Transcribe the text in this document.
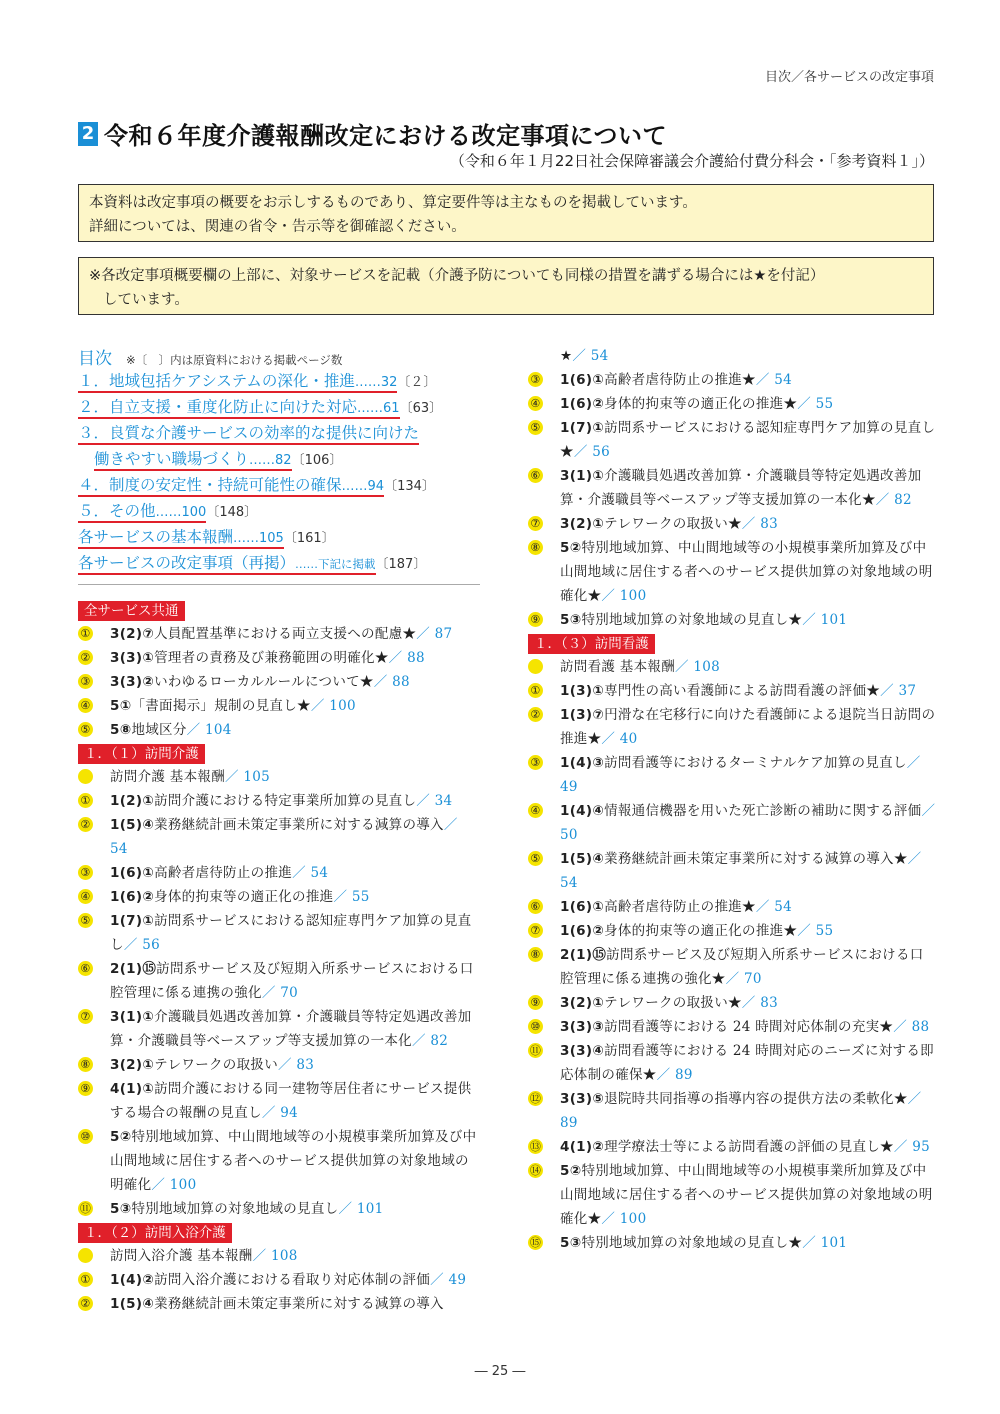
目次／各サービスの改定事項
2 令和６年度介護報酬改定における改定事項について
（令和６年１月22日社会保障審議会介護給付費分科会・「参考資料１」）
本資料は改定事項の概要をお示しするものであり、算定要件等は主なものを掲載しています。
詳細については、関連の省令・告示等を御確認ください。
※各改定事項概要欄の上部に、対象サービスを記載（介護予防についても同様の措置を講ずる場合には★を付記）
しています。
目次 ※〔　〕内は原資料における掲載ページ数
１．地域包括ケアシステムの深化・推進……32〔２〕
２．自立支援・重度化防止に向けた対応……61〔63〕
３．良質な介護サービスの効率的な提供に向けた
働きやすい職場づくり……82〔106〕
４．制度の安定性・持続可能性の確保……94〔134〕
５．その他……100〔148〕
各サービスの基本報酬……105〔161〕
各サービスの改定事項（再掲）……下記に掲載〔187〕
全サービス共通
① 3(2)⑦人員配置基準における両立支援への配慮★／ 87
② 3(3)①管理者の責務及び兼務範囲の明確化★／ 88
③ 3(3)②いわゆるローカルルールについて★／ 88
④ 5①「書面掲示」規制の見直し★／ 100
⑤ 5⑧地域区分／ 104
１．（１）訪問介護
訪問介護 基本報酬／ 105
① 1(2)①訪問介護における特定事業所加算の見直し／ 34
② 1(5)④業務継続計画未策定事業所に対する減算の導入／ 54
③ 1(6)①高齢者虐待防止の推進／ 54
④ 1(6)②身体的拘束等の適正化の推進／ 55
⑤ 1(7)①訪問系サービスにおける認知症専門ケア加算の見直し／ 56
⑥ 2(1)⑮訪問系サービス及び短期入所系サービスにおける口腔管理に係る連携の強化／ 70
⑦ 3(1)①介護職員処遇改善加算・介護職員等特定処遇改善加算・介護職員等ベースアップ等支援加算の一本化／ 82
⑧ 3(2)①テレワークの取扱い／ 83
⑨ 4(1)①訪問介護における同一建物等居住者にサービス提供する場合の報酬の見直し／ 94
⑩ 5②特別地域加算、中山間地域等の小規模事業所加算及び中山間地域に居住する者へのサービス提供加算の対象地域の明確化／ 100
⑪ 5③特別地域加算の対象地域の見直し／ 101
１．（２）訪問入浴介護
訪問入浴介護 基本報酬／ 108
① 1(4)②訪問入浴介護における看取り対応体制の評価／ 49
② 1(5)④業務継続計画未策定事業所に対する減算の導入
★／ 54
③ 1(6)①高齢者虐待防止の推進★／ 54
④ 1(6)②身体的拘束等の適正化の推進★／ 55
⑤ 1(7)①訪問系サービスにおける認知症専門ケア加算の見直し★／ 56
⑥ 3(1)①介護職員処遇改善加算・介護職員等特定処遇改善加算・介護職員等ベースアップ等支援加算の一本化★／ 82
⑦ 3(2)①テレワークの取扱い★／ 83
⑧ 5②特別地域加算、中山間地域等の小規模事業所加算及び中山間地域に居住する者へのサービス提供加算の対象地域の明確化★／ 100
⑨ 5③特別地域加算の対象地域の見直し★／ 101
１．（３）訪問看護
訪問看護 基本報酬／ 108
① 1(3)①専門性の高い看護師による訪問看護の評価★／ 37
② 1(3)⑦円滑な在宅移行に向けた看護師による退院当日訪問の推進★／ 40
③ 1(4)③訪問看護等におけるターミナルケア加算の見直し／ 49
④ 1(4)④情報通信機器を用いた死亡診断の補助に関する評価／ 50
⑤ 1(5)④業務継続計画未策定事業所に対する減算の導入★／ 54
⑥ 1(6)①高齢者虐待防止の推進★／ 54
⑦ 1(6)②身体的拘束等の適正化の推進★／ 55
⑧ 2(1)⑮訪問系サービス及び短期入所系サービスにおける口腔管理に係る連携の強化★／ 70
⑨ 3(2)①テレワークの取扱い★／ 83
⑩ 3(3)③訪問看護等における 24 時間対応体制の充実★／ 88
⑪ 3(3)④訪問看護等における 24 時間対応のニーズに対する即応体制の確保★／ 89
⑫ 3(3)⑤退院時共同指導の指導内容の提供方法の柔軟化★／ 89
⑬ 4(1)②理学療法士等による訪問看護の評価の見直し★／ 95
⑭ 5②特別地域加算、中山間地域等の小規模事業所加算及び中山間地域に居住する者へのサービス提供加算の対象地域の明確化★／ 100
⑮ 5③特別地域加算の対象地域の見直し★／ 101
― 25 ―
